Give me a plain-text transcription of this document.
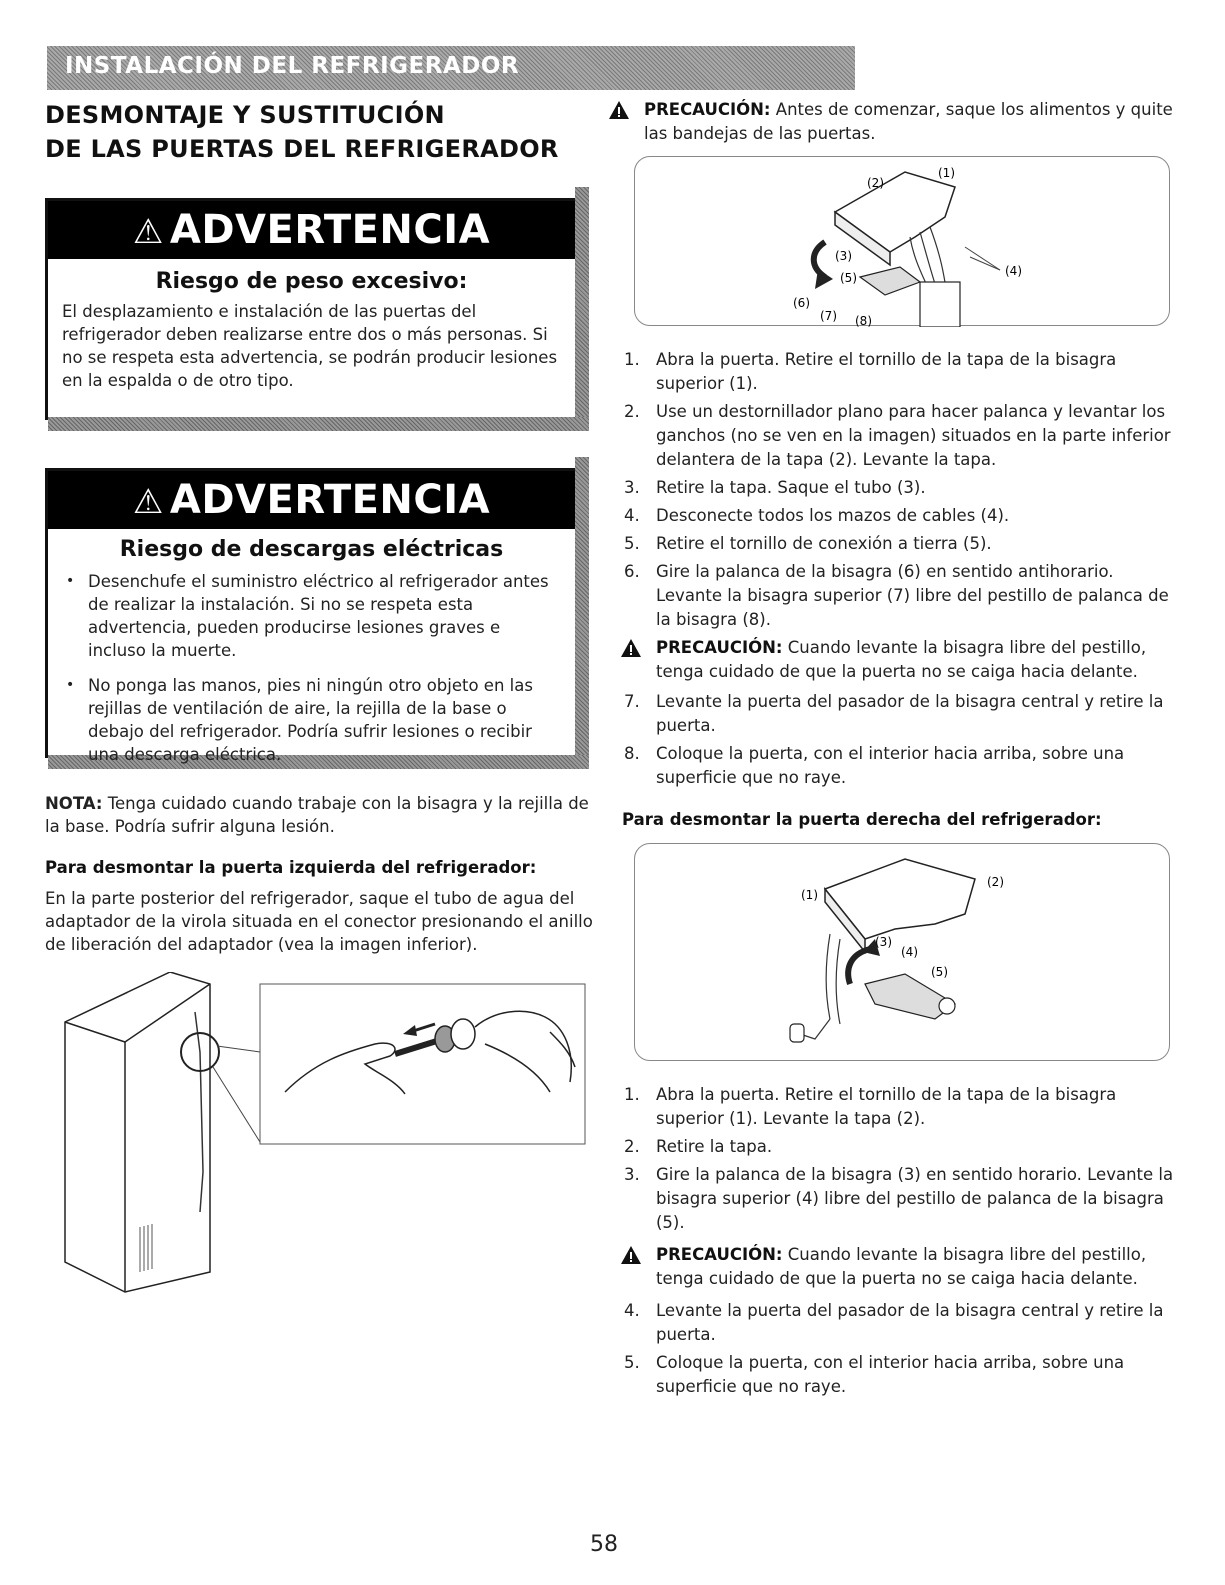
INSTALACIÓN DEL REFRIGERADOR
DESMONTAJE Y SUSTITUCIÓN
DE LAS PUERTAS DEL REFRIGERADOR
⚠ ADVERTENCIA
Riesgo de peso excesivo:
El desplazamiento e instalación de las puertas del refrigerador deben realizarse entre dos o más personas. Si no se respeta esta advertencia, se podrán producir lesiones en la espalda o de otro tipo.
⚠ ADVERTENCIA
Riesgo de descargas eléctricas
• Desenchufe el suministro eléctrico al refrigerador antes de realizar la instalación. Si no se respeta esta advertencia, pueden producirse lesiones graves e incluso la muerte.
• No ponga las manos, pies ni ningún otro objeto en las rejillas de ventilación de aire, la rejilla de la base o debajo del refrigerador. Podría sufrir lesiones o recibir una descarga eléctrica.

NOTA: Tenga cuidado cuando trabaje con la bisagra y la rejilla de la base. Podría sufrir alguna lesión.

Para desmontar la puerta izquierda del refrigerador:

En la parte posterior del refrigerador, saque el tubo de agua del adaptador de la virola situada en el conector presionando el anillo de liberación del adaptador (vea la imagen inferior).

PRECAUCIÓN: Antes de comenzar, saque los alimentos y quite las bandejas de las puertas.
(2)
(1)
(3)
(4)
(5)
(6)
(7) (8)
1. Abra la puerta. Retire el tornillo de la tapa de la bisagra superior (1).
2. Use un destornillador plano para hacer palanca y levantar los ganchos (no se ven en la imagen) situados en la parte inferior delantera de la tapa (2). Levante la tapa.
3. Retire la tapa. Saque el tubo (3).
4. Desconecte todos los mazos de cables (4).
5. Retire el tornillo de conexión a tierra (5).
6. Gire la palanca de la bisagra (6) en sentido antihorario. Levante la bisagra superior (7) libre del pestillo de palanca de la bisagra (8).
PRECAUCIÓN: Cuando levante la bisagra libre del pestillo, tenga cuidado de que la puerta no se caiga hacia delante.
7. Levante la puerta del pasador de la bisagra central y retire la puerta.
8. Coloque la puerta, con el interior hacia arriba, sobre una superficie que no raye.
Para desmontar la puerta derecha del refrigerador:
(1)
(2)
(3)
(4)
(5)
1. Abra la puerta. Retire el tornillo de la tapa de la bisagra superior (1). Levante la tapa (2).
2. Retire la tapa.
3. Gire la palanca de la bisagra (3) en sentido horario. Levante la bisagra superior (4) libre del pestillo de palanca de la bisagra (5).
PRECAUCIÓN: Cuando levante la bisagra libre del pestillo, tenga cuidado de que la puerta no se caiga hacia delante.
4. Levante la puerta del pasador de la bisagra central y retire la puerta.
5. Coloque la puerta, con el interior hacia arriba, sobre una superficie que no raye.
58
